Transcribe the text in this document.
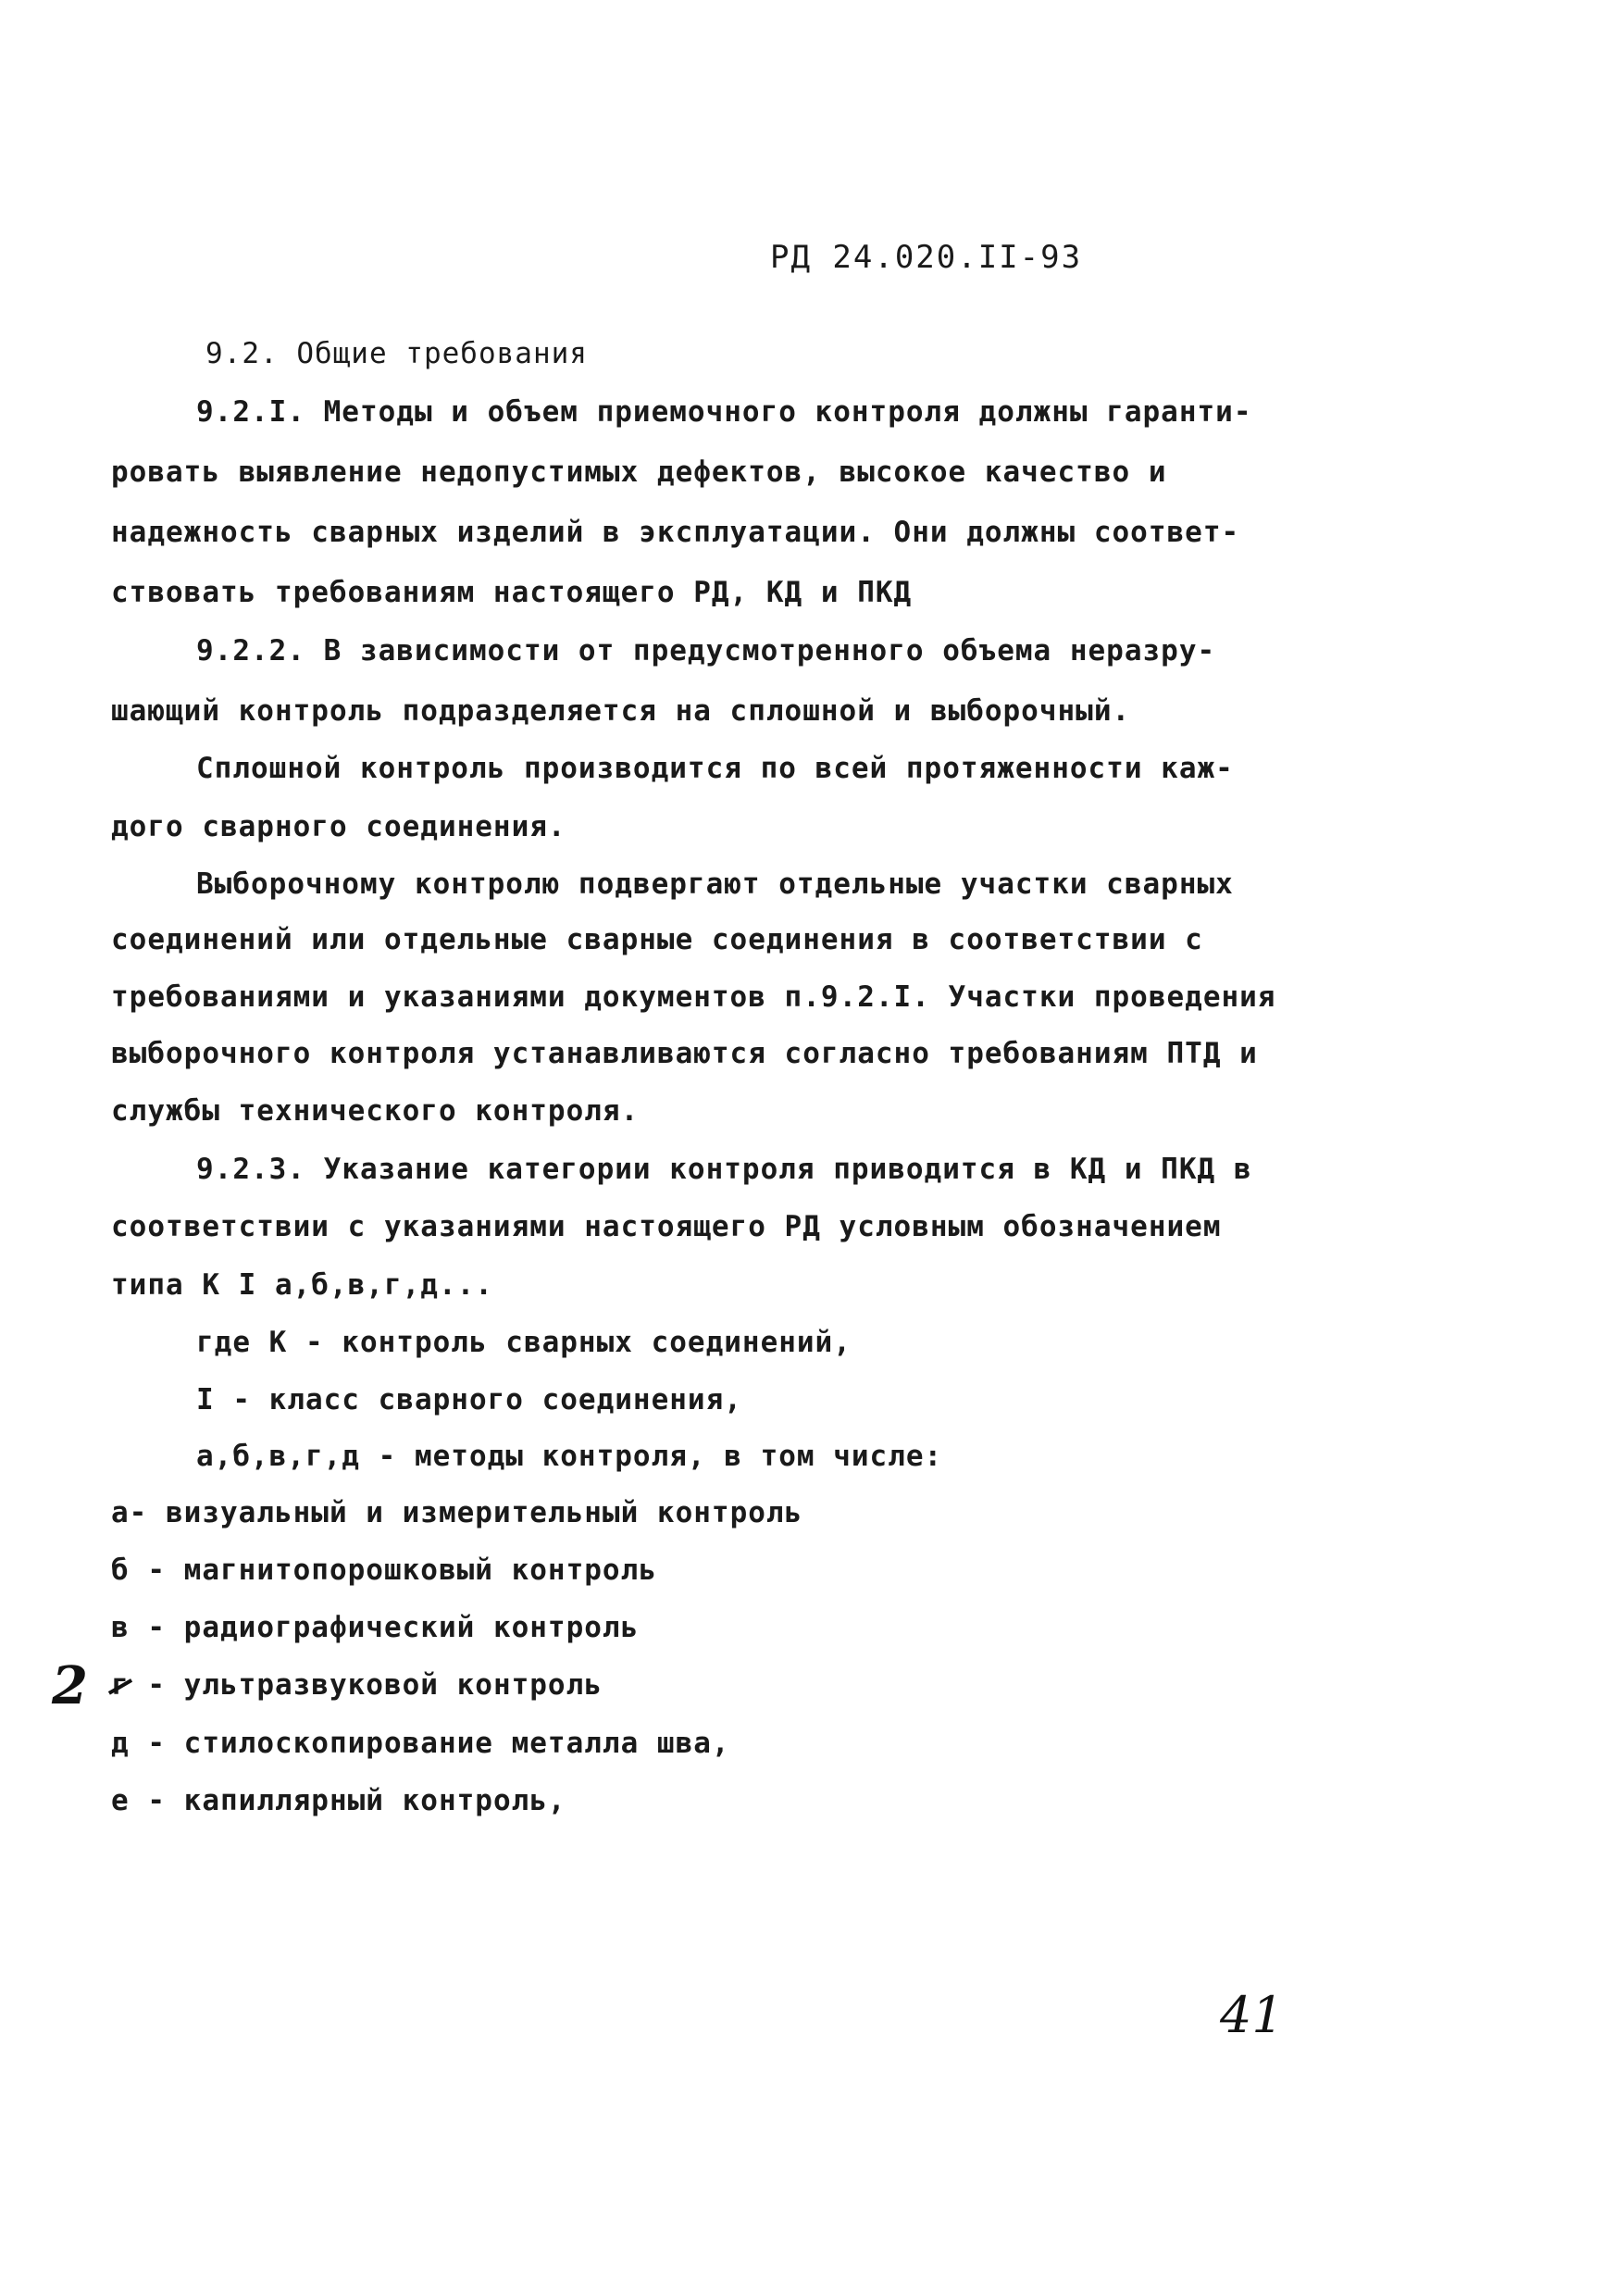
РД 24.020.II-93
9.2. Общие требования
9.2.I. Методы и объем приемочного контроля должны гаранти-
ровать выявление недопустимых дефектов, высокое качество и
надежность сварных изделий в эксплуатации. Они должны соответ-
ствовать требованиям настоящего РД, КД и ПКД
9.2.2. В зависимости от предусмотренного объема неразру-
шающий контроль подразделяется на сплошной и выборочный.
Сплошной контроль производится по всей протяженности каж-
дого сварного соединения.
Выборочному контролю подвергают отдельные участки сварных
соединений или отдельные сварные соединения в соответствии с
требованиями и указаниями документов п.9.2.I. Участки проведения
выборочного контроля устанавливаются согласно требованиям ПТД и
службы технического контроля.
9.2.3. Указание категории контроля приводится в КД и ПКД в
соответствии с указаниями настоящего РД условным обозначением
типа К I а,б,в,г,д...
где К - контроль сварных соединений,
I - класс сварного соединения,
а,б,в,г,д - методы контроля, в том числе:
а- визуальный и измерительный контроль
б - магнитопорошковый контроль
в - радиографический контроль
г - ультразвуковой контроль
д - стилоскопирование металла шва,
е - капиллярный контроль,
2
41
